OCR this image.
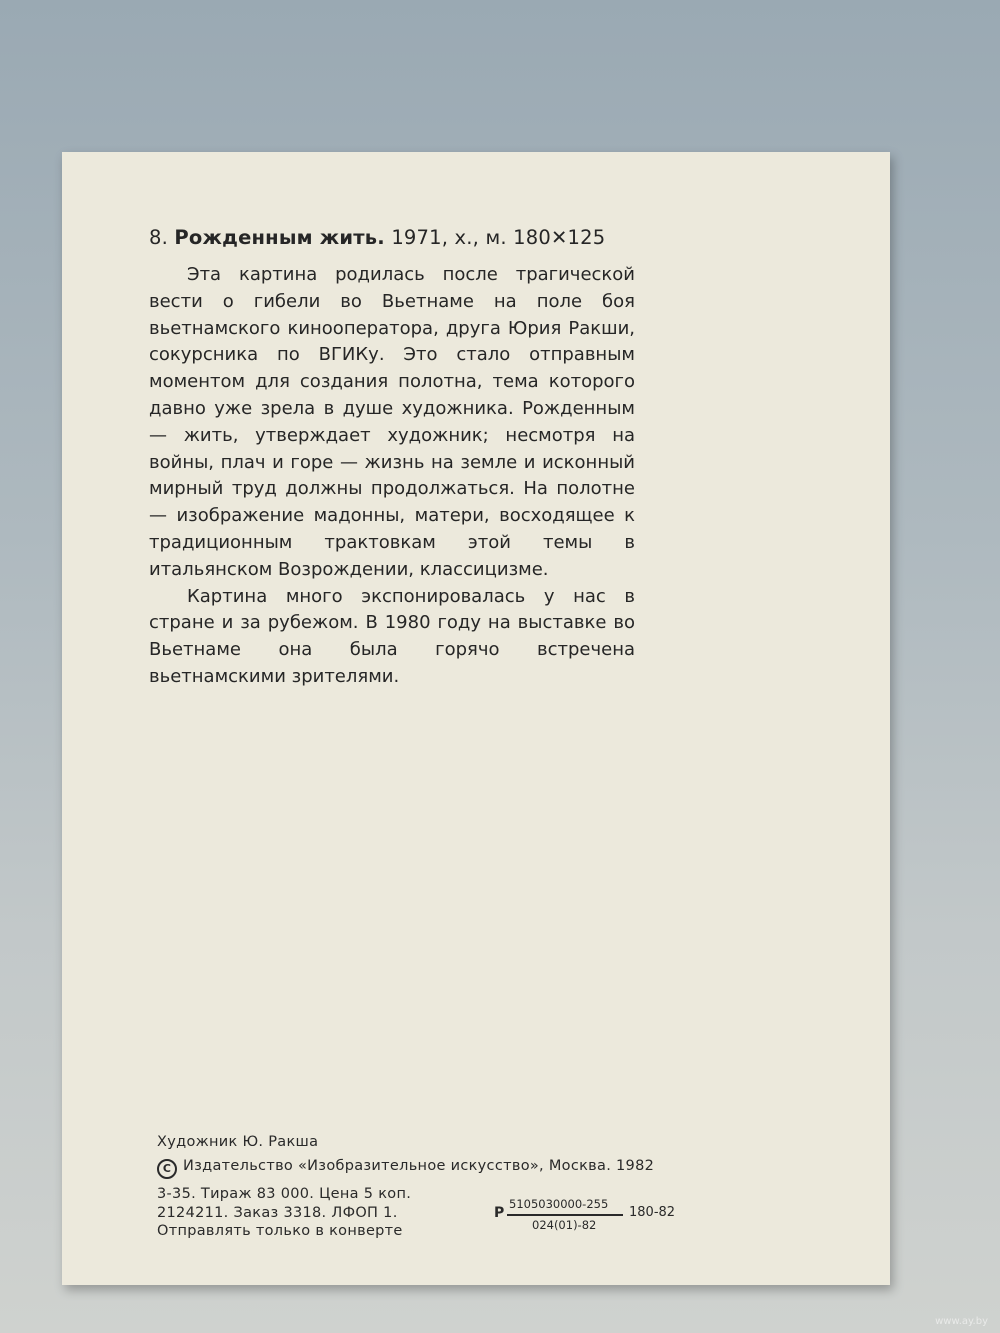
8. Рожденным жить. 1971, х., м. 180✕125

Эта картина родилась после трагической вести о гибели во Вьетнаме на поле боя вьетнамского кинооператора, друга Юрия Ракши, сокурсника по ВГИКу. Это стало отправным моментом для создания полотна, тема которого давно уже зрела в душе художника. Рожденным — жить, утверждает художник; несмотря на войны, плач и горе — жизнь на земле и исконный мирный труд должны продолжаться. На полотне — изображение мадонны, матери, восходящее к традиционным трактовкам этой темы в итальянском Возрождении, классицизме.

Картина много экспонировалась у нас в стране и за рубежом. В 1980 году на выставке во Вьетнаме она была горячо встречена вьетнамскими зрителями.

Художник Ю. Ракша
C Издательство «Изобразительное искусство», Москва. 1982
3-35. Тираж 83 000. Цена 5 коп.
2124211. Заказ 3318. ЛФОП 1.
Отправлять только в конверте
Р
5105030000-255
024(01)-82
180-82
www.ay.by
